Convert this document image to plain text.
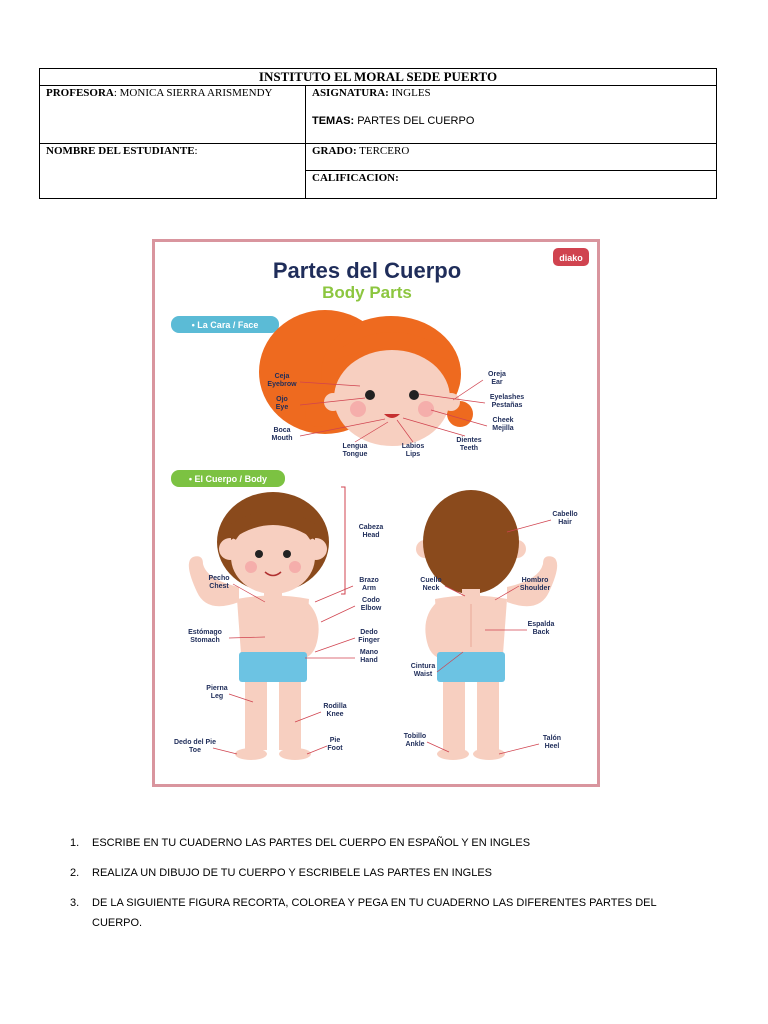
INSTITUTO EL MORAL SEDE PUERTO	
PROFESORA: MONICA SIERRA ARISMENDY	ASIGNATURA: INGLES
TEMAS: PARTES DEL CUERPO

NOMBRE DEL ESTUDIANTE:	GRADO: TERCERO
	CALIFICACION:
Partes del Cuerpo
Body Parts
diako
• La Cara / Face
Ceja
Eyebrow
Ojo
Eye
Boca
Mouth
Lengua
Tongue
Labios
Lips
Dientes
Teeth
Oreja
Ear
Eyelashes
Pestañas
Cheek
Mejilla
• El Cuerpo / Body
Cabeza
Head
Pecho
Chest
Brazo
Arm
Codo
Elbow
Estómago
Stomach
Dedo
Finger
Mano
Hand
Pierna
Leg
Rodilla
Knee
Dedo del Pie
Toe
Pie
Foot
Cabello
Hair
Cuello
Neck
Hombro
Shoulder
Espalda
Back
Cintura
Waist
Tobillo
Ankle
Talón
Heel
1. ESCRIBE EN TU CUADERNO LAS PARTES DEL CUERPO EN ESPAÑOL Y EN INGLES
2. REALIZA UN DIBUJO DE TU CUERPO Y ESCRIBELE LAS PARTES EN INGLES
3. DE LA SIGUIENTE FIGURA RECORTA, COLOREA Y PEGA EN TU CUADERNO LAS DIFERENTES PARTES DEL CUERPO.
